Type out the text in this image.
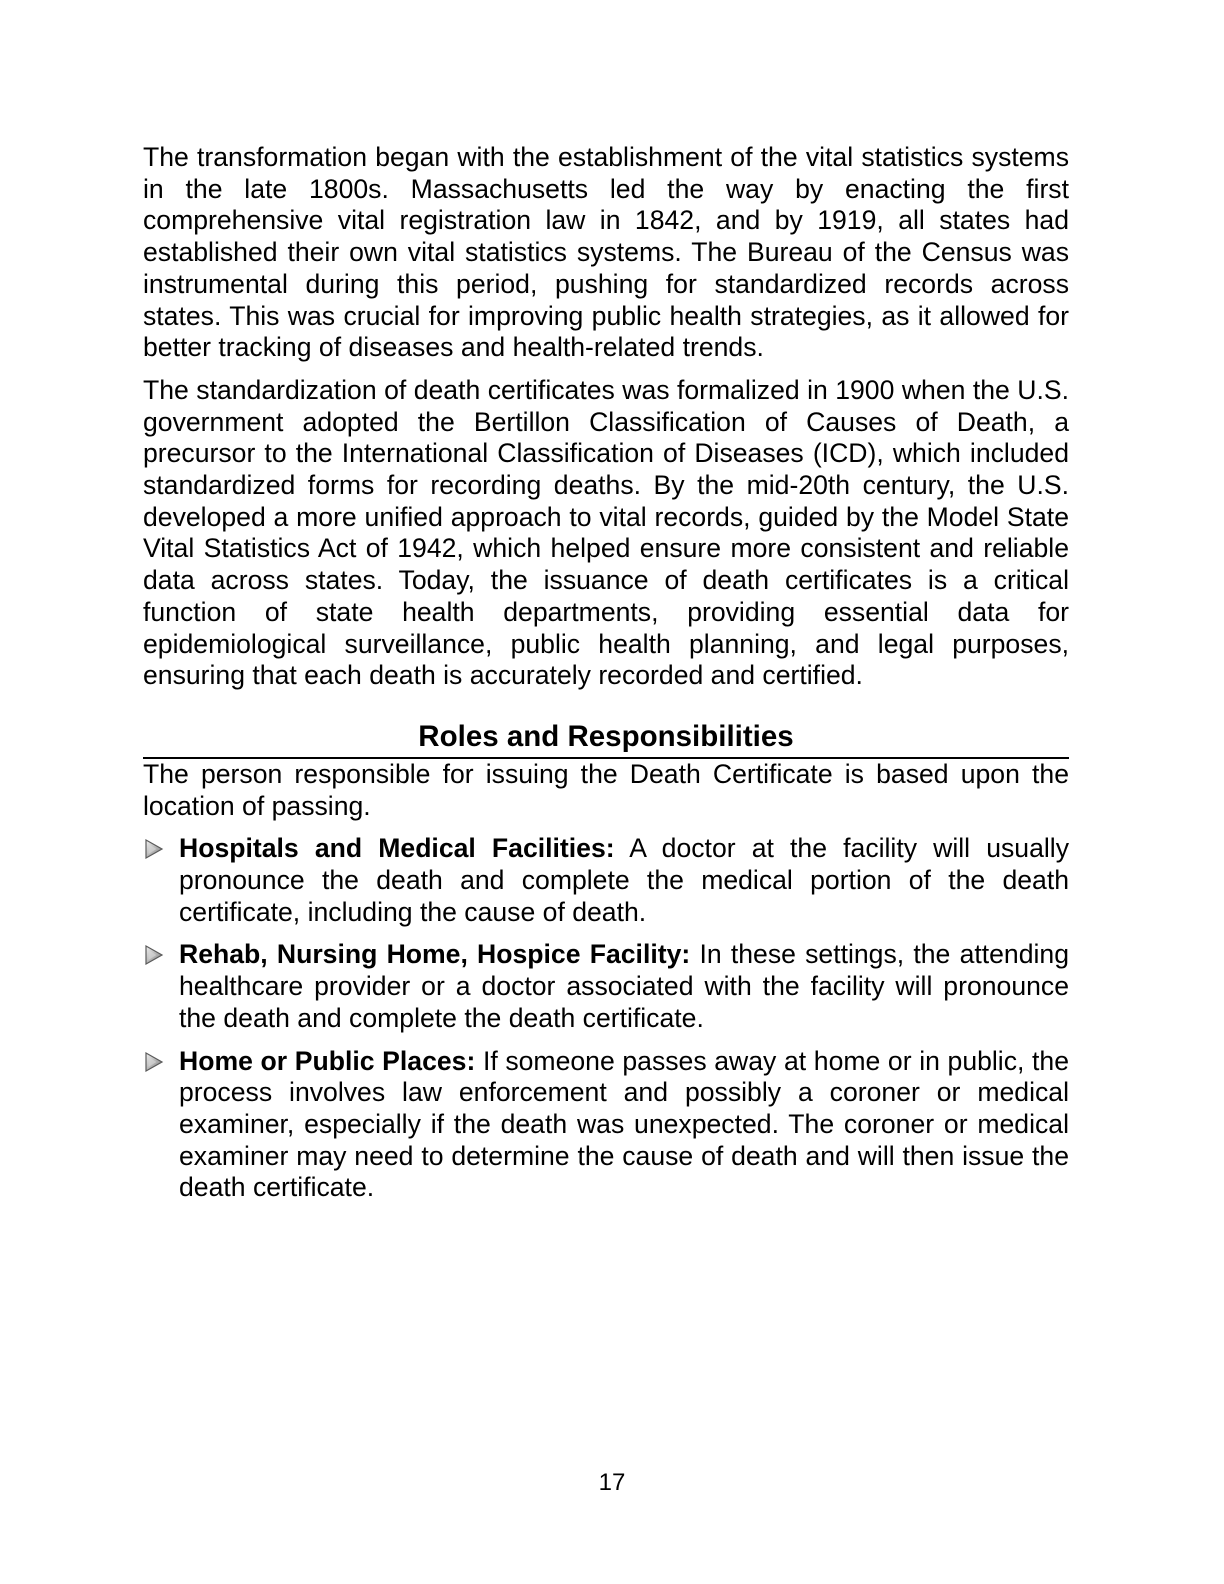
The transformation began with the establishment of the vital statistics systems in the late 1800s. Massachusetts led the way by enacting the first comprehensive vital registration law in 1842, and by 1919, all states had established their own vital statistics systems. The Bureau of the Census was instrumental during this period, pushing for standardized records across states. This was crucial for improving public health strategies, as it allowed for better tracking of diseases and health-related trends.

The standardization of death certificates was formalized in 1900 when the U.S. government adopted the Bertillon Classification of Causes of Death, a precursor to the International Classification of Diseases (ICD), which included standardized forms for recording deaths. By the mid-20th century, the U.S. developed a more unified approach to vital records, guided by the Model State Vital Statistics Act of 1942, which helped ensure more consistent and reliable data across states. Today, the issuance of death certificates is a critical function of state health departments, providing essential data for epidemiological surveillance, public health planning, and legal purposes, ensuring that each death is accurately recorded and certified.

Roles and Responsibilities

The person responsible for issuing the Death Certificate is based upon the location of passing.

Hospitals and Medical Facilities: A doctor at the facility will usually pronounce the death and complete the medical portion of the death certificate, including the cause of death.
Rehab, Nursing Home, Hospice Facility: In these settings, the attending healthcare provider or a doctor associated with the facility will pronounce the death and complete the death certificate.
Home or Public Places: If someone passes away at home or in public, the process involves law enforcement and possibly a coroner or medical examiner, especially if the death was unexpected. The coroner or medical examiner may need to determine the cause of death and will then issue the death certificate.
17
